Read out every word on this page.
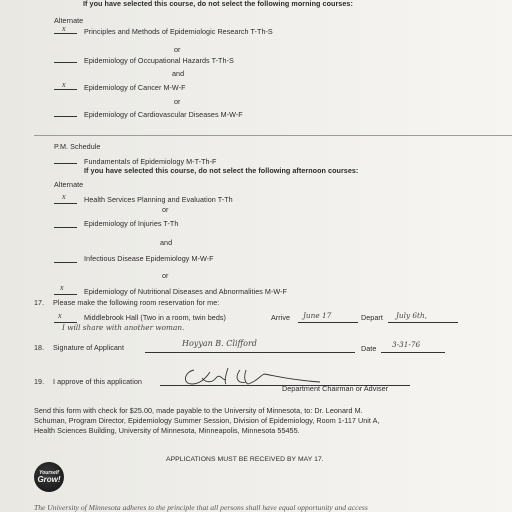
If you have selected this course, do not select the following morning courses:
Alternate
x	Principles and Methods of Epidemiologic Research T-Th-S
or
Epidemiology of Occupational Hazards T-Th-S
and
x	Epidemiology of Cancer M-W-F
or
Epidemiology of Cardiovascular Diseases M-W-F
P.M. Schedule
Fundamentals of Epidemiology M-T-Th-F
If you have selected this course, do not select the following afternoon courses:
Alternate
x	Health Services Planning and Evaluation T-Th
or
Epidemiology of Injuries T-Th
and
Infectious Disease Epidemiology M-W-F
or
x	Epidemiology of Nutritional Diseases and Abnormalities M-W-F
17. Please make the following room reservation for me:
x	Middlebrook Hall (Two in a room, twin beds)	Arrive June 17	Depart July 6th,
I will share with another woman.
18. Signature of Applicant	Hoyyan B. Clifford
Date 3-31-76
19. I approve of this application
Department Chairman or Adviser
Send this form with check for $25.00, made payable to the University of Minnesota, to: Dr. Leonard M.
Schuman, Program Director, Epidemiology Summer Session, Division of Epidemiology, Room 1-117 Unit A,
Health Sciences Building, University of Minnesota, Minneapolis, Minnesota 55455.
APPLICATIONS MUST BE RECEIVED BY MAY 17.
Yourself
Grow!
The University of Minnesota adheres to the principle that all persons shall have equal opportunity and access
